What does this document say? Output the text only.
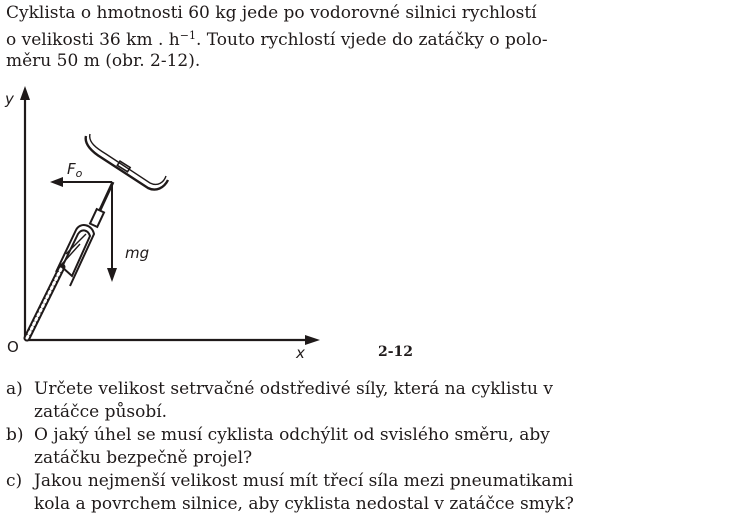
Cyklista o hmotnosti 60 kg jede po vodorovné silnici rychlostí
o velikosti 36 km . $h^{-1}$. Touto rychlostí vjede do zatáčky o polo-
měru 50 m (obr. 2-12).
y
x
O
$F_o$
mg
2-12
a) Určete velikost setrvačné odstředivé síly, která na cyklistu v zatáčce působí.
b) O jaký úhel se musí cyklista odchýlit od svislého směru, aby zatáčku bezpečně projel?
c) Jakou nejmenší velikost musí mít třecí síla mezi pneumatikami kola a povrchem silnice, aby cyklista nedostal v zatáčce smyk?
